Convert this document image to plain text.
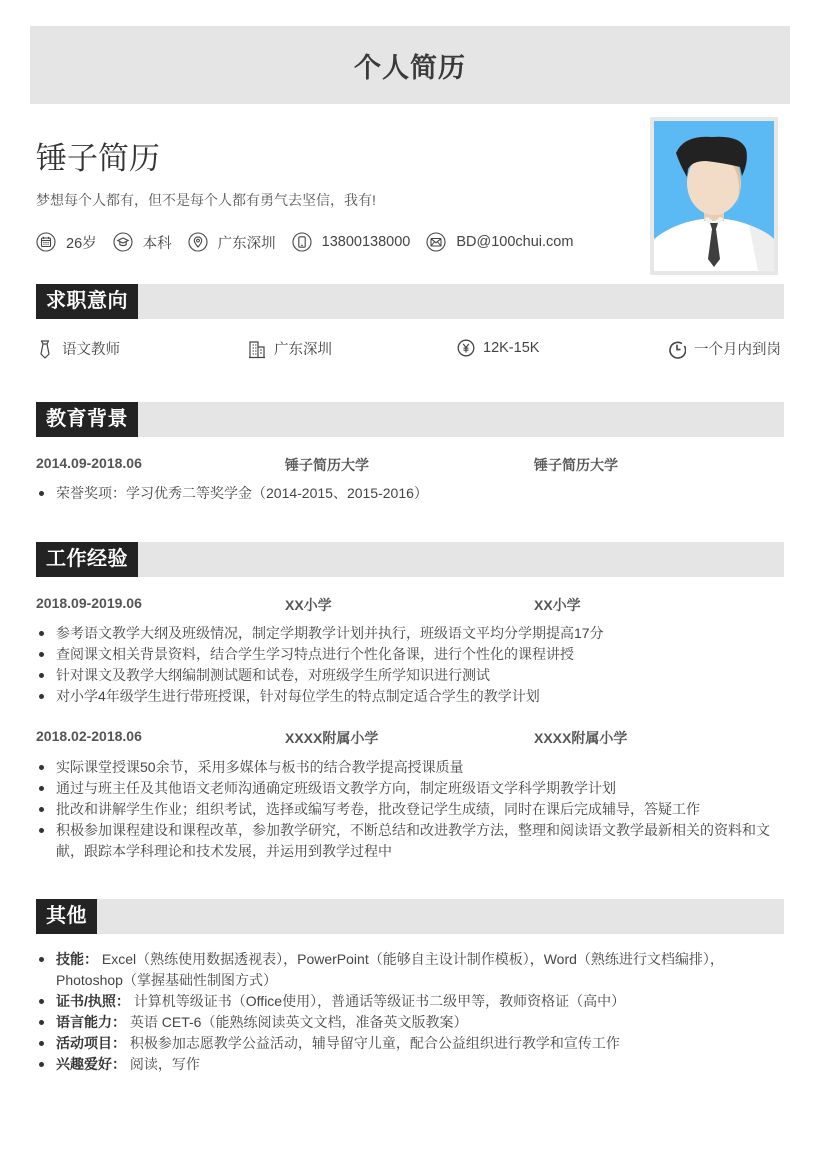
个人简历
锤子简历
梦想每个人都有，但不是每个人都有勇气去坚信，我有!
26岁	本科	广东深圳	13800138000	BD@100chui.com
求职意向
语文教师	广东深圳	12K-15K	一个月内到岗
教育背景
2014.09-2018.06	锤子简历大学	锤子简历大学
荣誉奖项：学习优秀二等奖学金（2014-2015、2015-2016）
工作经验
2018.09-2019.06	XX小学	XX小学
参考语文教学大纲及班级情况，制定学期教学计划并执行，班级语文平均分学期提高17分
查阅课文相关背景资料，结合学生学习特点进行个性化备课，进行个性化的课程讲授
针对课文及教学大纲编制测试题和试卷，对班级学生所学知识进行测试
对小学4年级学生进行带班授课，针对每位学生的特点制定适合学生的教学计划
2018.02-2018.06	XXXX附属小学	XXXX附属小学
实际课堂授课50余节，采用多媒体与板书的结合教学提高授课质量
通过与班主任及其他语文老师沟通确定班级语文教学方向，制定班级语文学科学期教学计划
批改和讲解学生作业；组织考试，选择或编写考卷，批改登记学生成绩，同时在课后完成辅导，答疑工作
积极参加课程建设和课程改革，参加教学研究，不断总结和改进教学方法，整理和阅读语文教学最新相关的资料和文献，跟踪本学科理论和技术发展，并运用到教学过程中
其他
技能： Excel（熟练使用数据透视表），PowerPoint（能够自主设计制作模板），Word（熟练进行文档编排），Photoshop（掌握基础性制图方式）
证书/执照： 计算机等级证书（Office使用），普通话等级证书二级甲等，教师资格证（高中）
语言能力： 英语 CET-6（能熟练阅读英文文档，准备英文版教案）
活动项目： 积极参加志愿教学公益活动，辅导留守儿童，配合公益组织进行教学和宣传工作
兴趣爱好： 阅读，写作
